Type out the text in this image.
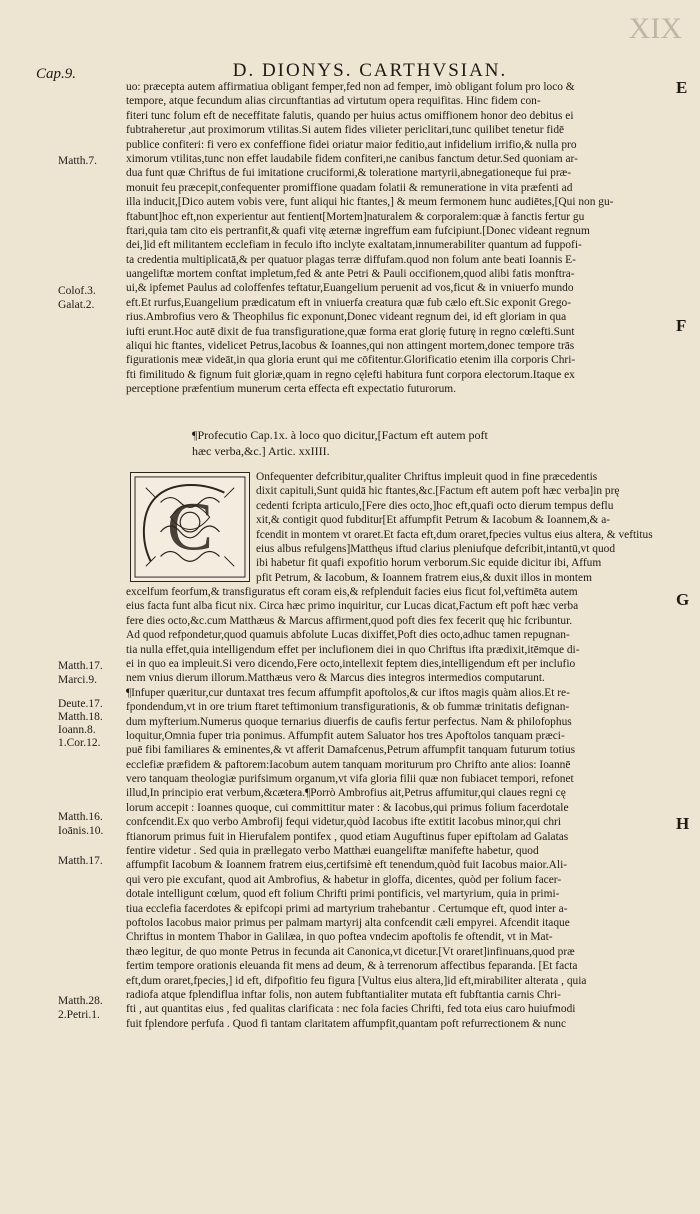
D. DIONYS. CARTHVSIAN.
XIX
Cap.9.
E
F
G
H
Matth.7.
Colof.3.
Galat.2.
Matth.17.
Marci.9.
Deute.17.
Matth.18.
Ioann.8.
1.Cor.12.
Matth.16.
Ioānis.10.
Matth.17.
Matth.28.
2.Petri.1.
uo: præcepta autem affirmatiua obligant femper,fed non ad femper, imò obligant folum pro loco &
tempore, atque fecundum alias circunftantias ad virtutum opera requifitas. Hinc fidem con-
fiteri tunc folum eft de neceffitate falutis, quando per huius actus omiffionem honor deo debitus ei
fubtraheretur ,aut proximorum vtilitas.Si autem fides vilieter periclitari,tunc quilibet tenetur fidē
publice confiteri: fi vero ex confeffione fidei oriatur maior feditio,aut infidelium irrifio,& nulla pro
ximorum vtilitas,tunc non effet laudabile fidem confiteri,ne canibus fanctum detur.Sed quoniam ar-
dua funt quæ Chriftus de fui imitatione cruciformi,& toleratione martyrii,abnegationeque fui præ-
monuit feu præcepit,confequenter promiffione quadam folatii & remuneratione in vita præfenti ad
illa inducit,[Dico autem vobis vere, funt aliqui hic ftantes,] & meum fermonem hunc audiētes,[Qui non gu-
ftabunt]hoc eft,non experientur aut fentient[Mortem]naturalem & corporalem:quæ à fanctis fertur gu
ftari,quia tam cito eis pertranfit,& quafi vitę æternæ ingreffum eam fufcipiunt.[Donec videant regnum
dei,]id eft militantem ecclefiam in feculo ifto inclyte exaltatam,innumerabiliter quantum ad fuppofi-
ta credentia multiplicatā,& per quatuor plagas terræ diffufam.quod non folum ante beati Ioannis E-
uangeliftæ mortem conftat impletum,fed & ante Petri & Pauli occifionem,quod alibi fatis monftra-
ui,& ipfemet Paulus ad coloffenfes teftatur,Euangelium peruenit ad vos,ficut & in vniuerfo mundo
eft.Et rurfus,Euangelium prædicatum eft in vniuerfa creatura quæ fub cælo eft.Sic exponit Grego-
rius.Ambrofius vero & Theophilus fic exponunt,Donec videant regnum dei, id eft gloriam in qua
iufti erunt.Hoc autē dixit de fua transfiguratione,quæ forma erat glorię futurę in regno cœlefti.Sunt
aliqui hic ftantes, videlicet Petrus,Iacobus & Ioannes,qui non attingent mortem,donec tempore trās
figurationis meæ videāt,in qua gloria erunt qui me cōfitentur.Glorificatio etenim illa corporis Chri-
fti fimilitudo & fignum fuit gloriæ,quam in regno cęlefti habitura funt corpora electorum.Itaque ex
perceptione præfentium munerum certa effecta eft expectatio futurorum.
¶Profecutio Cap.1x. à loco quo dicitur,[Factum eft autem poft
hæc verba,&c.] Artic. xxIIII.
C
Onfequenter defcribitur,qualiter Chriftus impleuit quod in fine præcedentis
dixit capituli,Sunt quidā hic ftantes,&c.[Factum eft autem poft hæc verba]in prę
cedenti fcripta articulo,[Fere dies octo,]hoc eft,quafi octo dierum tempus deflu
xit,& contigit quod fubditur[Et affumpfit Petrum & Iacobum & Ioannem,& a-
fcendit in montem vt oraret.Et facta eft,dum oraret,fpecies vultus eius altera, & veftitus
eius albus refulgens]Matthęus iftud clarius pleniufque defcribit,intantū,vt quod
ibi habetur fit quafi expofitio horum verborum.Sic equide dicitur ibi, Affum
pfit Petrum, & Iacobum, & Ioannem fratrem eius,& duxit illos in montem
excelfum feorfum,& transfiguratus eft coram eis,& refplenduit facies eius ficut fol,veftimēta autem
eius facta funt alba ficut nix. Circa hæc primo inquiritur, cur Lucas dicat,Factum eft poft hæc verba
fere dies octo,&c.cum Matthæus & Marcus affirment,quod poft dies fex fecerit quę hic fcribuntur.
Ad quod refpondetur,quod quamuis abfolute Lucas dixiffet,Poft dies octo,adhuc tamen repugnan-
tia nulla effet,quia intelligendum effet per inclufionem diei in quo Chriftus ifta prædixit,itēmque di-
ei in quo ea impleuit.Si vero dicendo,Fere octo,intellexit feptem dies,intelligendum eft per inclufio
nem vnius dierum illorum.Matthæus vero & Marcus dies integros intermedios computarunt.
¶Infuper quæritur,cur duntaxat tres fecum affumpfit apoftolos,& cur iftos magis quàm alios.Et re-
fpondendum,vt in ore trium ftaret teftimonium transfigurationis, & ob fummæ trinitatis defignan-
dum myfterium.Numerus quoque ternarius diuerfis de caufis fertur perfectus. Nam & philofophus
loquitur,Omnia fuper tria ponimus. Affumpfit autem Saluator hos tres Apoftolos tanquam præci-
puē fibi familiares & eminentes,& vt afferit Damafcenus,Petrum affumpfit tanquam futurum totius
ecclefiæ præfidem & paftorem:Iacobum autem tanquam moriturum pro Chrifto ante alios: Ioannē
vero tanquam theologiæ purifsimum organum,vt vifa gloria filii quæ non fubiacet tempori, refonet
illud,In principio erat verbum,&cætera.¶Porrò Ambrofius ait,Petrus affumitur,qui claues regni cę
lorum accepit : Ioannes quoque, cui committitur mater : & Iacobus,qui primus folium facerdotale
confcendit.Ex quo verbo Ambrofij fequi videtur,quòd Iacobus ifte extitit Iacobus minor,qui chri
ftianorum primus fuit in Hierufalem pontifex , quod etiam Auguftinus fuper epiftolam ad Galatas
fentire videtur . Sed quia in prællegato verbo Matthæi euangeliftæ manifefte habetur, quod
affumpfit Iacobum & Ioannem fratrem eius,certifsimè eft tenendum,quòd fuit Iacobus maior.Ali-
qui vero pie excufant, quod ait Ambrofius, & habetur in gloffa, dicentes, quòd per folium facer-
dotale intelligunt cœlum, quod eft folium Chrifti primi pontificis, vel martyrium, quia in primi-
tiua ecclefia facerdotes & epifcopi primi ad martyrium trahebantur . Certumque eft, quod inter a-
poftolos Iacobus maior primus per palmam martyrij alta confcendit cæli empyrei. Afcendit itaque
Chriftus in montem Thabor in Galilæa, in quo poftea vndecim apoftolis fe oftendit, vt in Mat-
thæo legitur, de quo monte Petrus in fecunda ait Canonica,vt dicetur.[Vt oraret]infinuans,quod præ
fertim tempore orationis eleuanda fit mens ad deum, & à terrenorum affectibus feparanda. [Et facta
eft,dum oraret,fpecies,] id eft, difpofitio feu figura [Vultus eius altera,]id eft,mirabiliter alterata , quia
radiofa atque fplendiflua inftar folis, non autem fubftantialiter mutata eft fubftantia carnis Chri-
fti , aut quantitas eius , fed qualitas clarificata : nec fola facies Chrifti, fed tota eius caro huiufmodi
fuit fplendore perfufa . Quod fi tantam claritatem affumpfit,quantam poft refurrectionem & nunc
